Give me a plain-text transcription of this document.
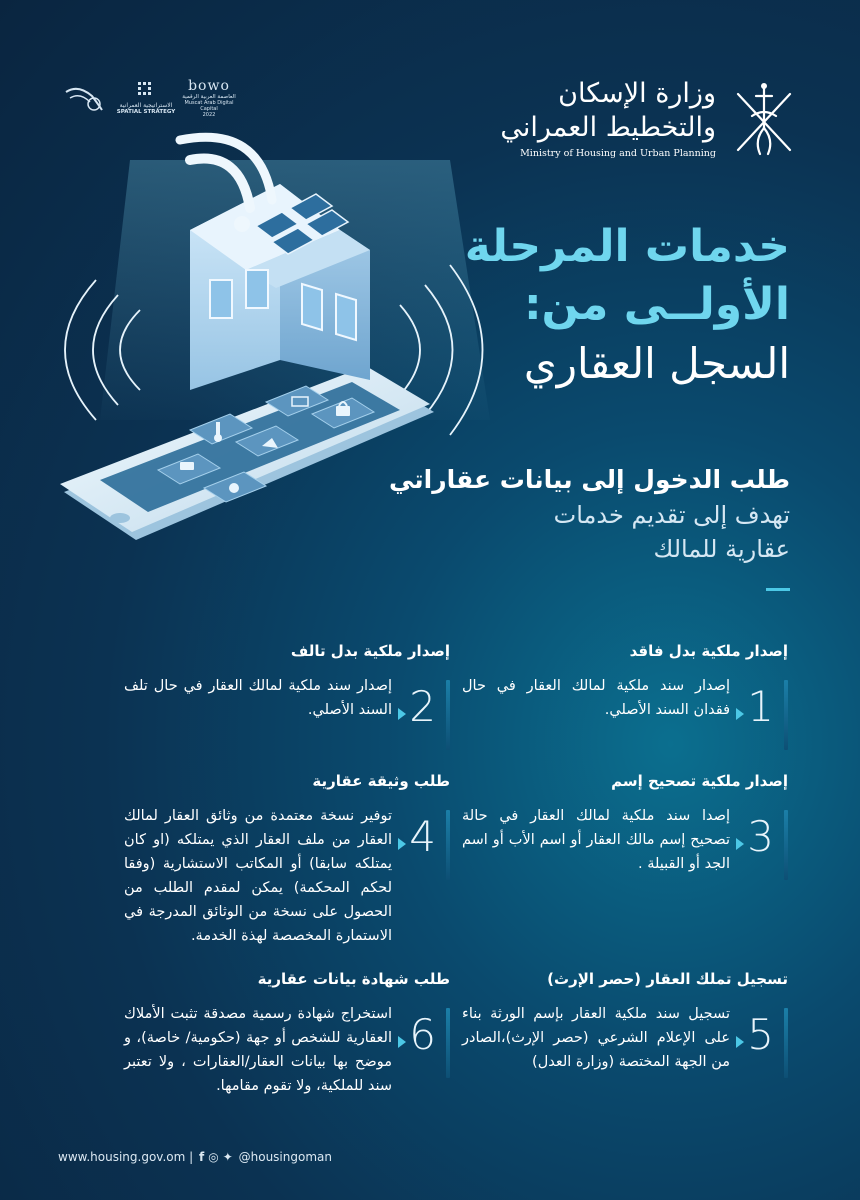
الاستراتيجية العمرانية
SPATIAL STRATEGY
bowo
العاصمة العربية الرقمية
Muscat Arab Digital Capital
2022
وزارة الإسكان
والتخطيط العمراني
Ministry of Housing and Urban Planning
خدمات المرحلة
الأولــى من:
السجل العقاري
طلب الدخول إلى بيانات عقاراتي
تهدف إلى تقديم خدمات
عقارية للمالك
إصدار ملكية بدل فاقد
1
إصدار سند ملكية لمالك العقار في حال فقدان السند الأصلي.
إصدار ملكية بدل تالف
2
إصدار سند ملكية لمالك العقار في حال تلف السند الأصلي.
إصدار ملكية تصحيح إسم
3
إصدا سند ملكية لمالك العقار في حالة تصحيح إسم مالك العقار أو اسم الأب أو اسم الجد أو القبيلة .
طلب وثيقة عقارية
4
توفير نسخة معتمدة من وثائق العقار لمالك العقار من ملف العقار الذي يمتلكه (او كان يمتلكه سابقا) أو المكاتب الاستشارية (وفقا لحكم المحكمة) يمكن لمقدم الطلب من الحصول على نسخة من الوثائق المدرجة في الاستمارة المخصصة لهذة الخدمة.
تسجيل تملك العقار (حصر الإرث)
5
تسجيل سند ملكية العقار بإسم الورثة بناء على الإعلام الشرعي (حصر الإرث)،الصادر من الجهة المختصة (وزارة العدل)
طلب شهادة بيانات عقارية
6
استخراج شهادة رسمية مصدقة تثبت الأملاك العقارية للشخص أو جهة (حكومية/ خاصة)، و موضح بها بيانات العقار/العقارات ، ولا تعتبر سند للملكية، ولا تقوم مقامها.
www.housing.gov.om | f ◎ ✦ @housingoman
